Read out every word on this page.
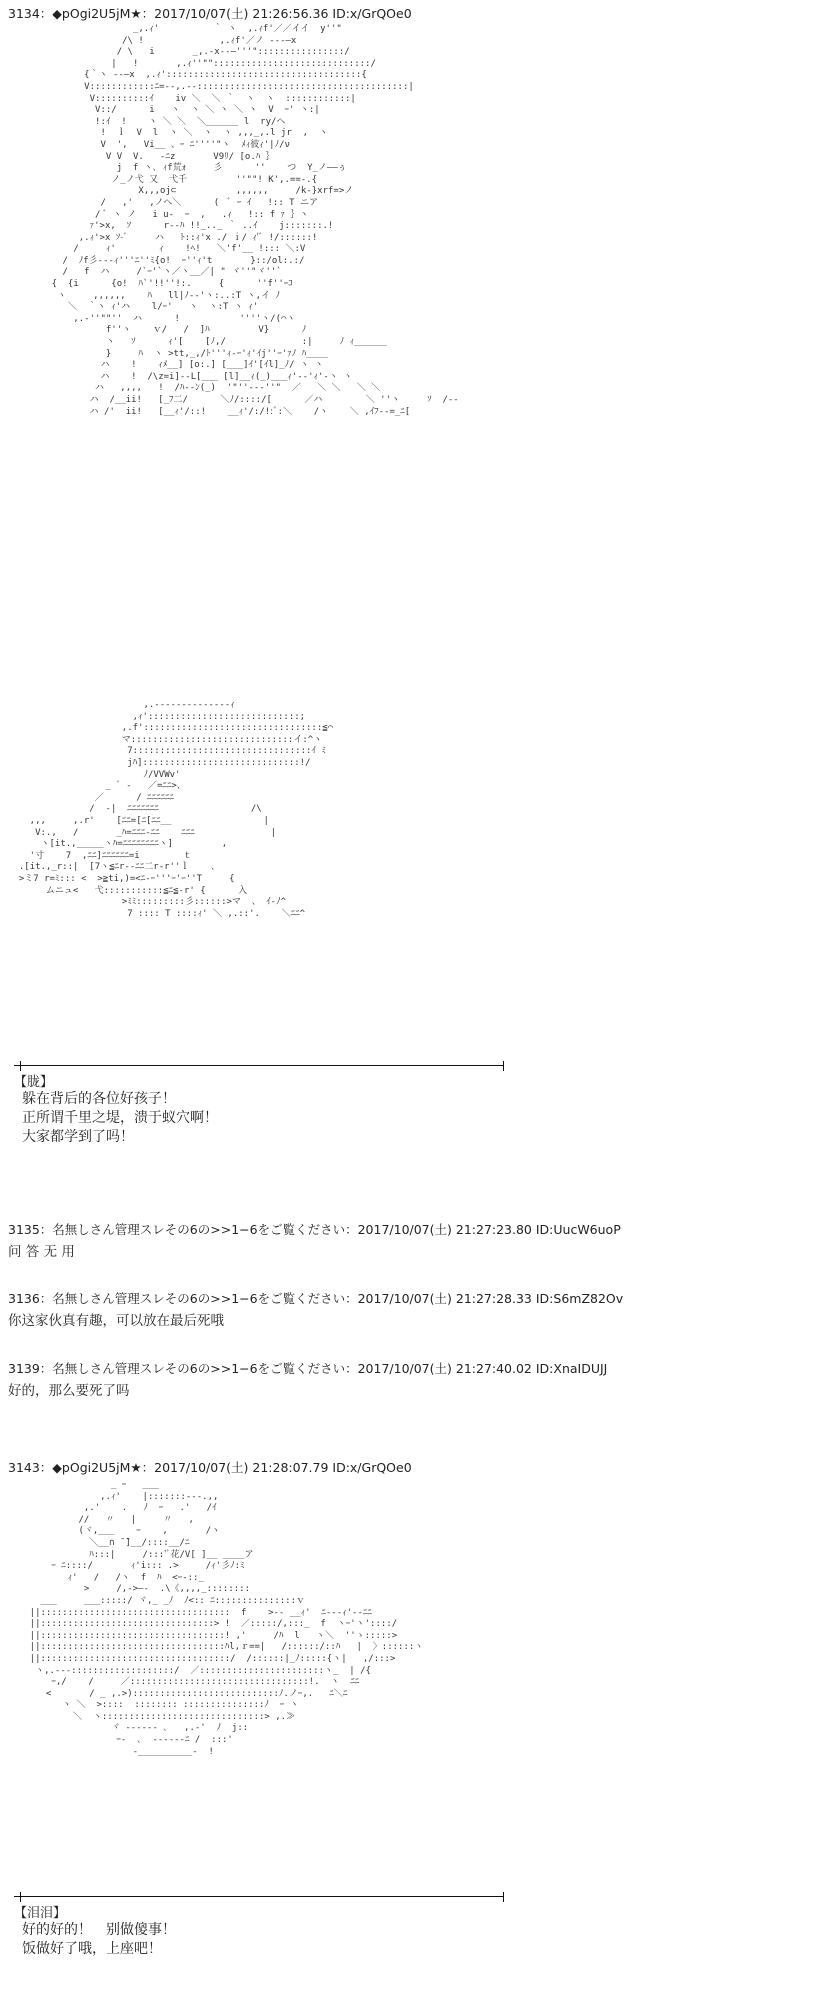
3134：◆pOgi2U5jM★：2017/10/07(土) 21:26:56.36 ID:x/GrQOe0
_,.ｨ'          ｀ ヽ  ,.ｨf'／／イイ  y''"
/\ !              ,.ｨf'／ノ ---―x
/ \   i       _,.-x--―'''"::::::::::::::::/
|   !       ,.ｨ''"":::::::::::::::::::::::::::::/
{｀ヽ --―x  ,.ｨ'::::::::::::::::::::::::::::::::::::{
V::::::::::::ﾆ=--,.-‐:::::::::::::::::::::::::::::::::::::::|
V::::::::::ｲ    iv ＼  ＼ ｀  ヽ  ヽ  ::::::::::::|
V::/      i   ヽ  ヽ ＼ ヽ ＼ ヽ  V  ｰ' ヽ:|
!:ｲ  !    ヽ ＼ ＼  ＼______ l  ry/ヘ
!  ｌ  V  l  ヽ ＼  ヽ  ヽ ,,,_,.l jr  ,  ヽ
V  ',   Vi__ 、ｰ ﾆ''''"ヽ  ﾒｨ彼ｨ'|ﾉ/ν
V V  V.   -ﾆz       V9ﾘ/ [o.ﾊ ｝
j  f ヽ､ ｨf荒ｫ     彡      ''    つ  Y_ノ――ぅ
ノ_ノ弋 又  弋千         ''""! K',.==-.{
X,,,oj⊂           ,,,,,,     /k-}xrf=>ノ
/   ,'   ,ノヘ＼      (  ﾞ ｰ ｲ   !:: T ニア
/ ﾞ ヽ ノ   i u-  ｰ  ,   .ｨ   !:: f ｧ ｝ヽ
ｧ'>x,  ｿ      r--ﾊ !!_.._ ｀ ..ｲ    j:::::::.!
,.ｨ'>x ｿ-ﾞ     ハ   ﾄ::ｨ'x ./ ｉ/ ｨ'ﾞ !/::::::!
/     ｨ'        ｨ    !ﾍ!   ＼'f'__ !::: ＼:V
/  ﾉf彡---ｨ'''ﾆ''ﾐ{o!  ｰ''ｨ't       }::/ol:.:/
/   f  ハ     /`ｰ'`ヽ／ヽ__／| " ヾ''"ヾ''`
{  {i      {o!  ﾊ`'!!''!:.     {      ''f''ｰｺ
ヽ     ,,,,,,    ﾊ   ll|ﾉ--'ヽ:..:T ヽ,イ ﾉ
＼  ｀ヽ ｨ'ハ    l/ｰ'   ヽ  ヽ:T ヽ ｨ'
,.-''""''  ハ      !           ''''ヽ/(⌒ヽ
f''ヽ    ｖ/   /  ]ﾊ         V}      ﾉ
ヽ   ｿ      ｨ'[    [ﾉ,/              :|     ﾉ ｨ______
}     ﾊ  ヽ >tt,_,/ﾄ'''ｨ-ｰ'ｨ'ｲj''ｰ'ｧﾉ ﾊ____
ハ    !    ｨﾒ__] [o:.] [___]ｲ'[ｲl]_ﾉ/ ヽ ヽ
ハ    !  /\z=i]--L[___ [l]__ｨ(_)___ｨ'--'ｨ'-ヽ ヽ
ハ   ,,,,   !  /ﾊ--ﾝ(_)  '"''---''"  ／   ＼ ＼   ＼ ＼
ハ  /__ii!   [_ﾌ二/      ＼ﾉ/::::/[      ／ハ        ＼ ''ヽ     ｿ  /--
ハ /'  ii!   [__ｨ'/::!    __ｨ'/:/!:ﾞ:＼    /ヽ    ＼ ,ｲﾌ--=_ﾆ[
,.--------------ｨ
,ｨ'::::::::::::::::::::::::::::;
,.f':::::::::::::::::::::::::::::::::≦⌒
マ::::::::::::::::::::::::::::::イ:^ヽ
7:::::::::::::::::::::::::::::::::ｲ ﾐ
jﾊ]:::::::::::::::::::::::::::::!/
ﾉ/VVWv'
_ ﾞ -   ／=ﾆﾆ>、
／      / ﾆﾆﾆﾆﾆﾆ
/  -|  ﾆﾆﾆﾆﾆﾆﾆ                 /\
,,,     ,.r'    [ﾆﾆ=[ﾆ[ﾆﾆ__                 |
V:.,   /       _ﾊ=ﾆﾆﾆ-ﾆﾆ    ﾆﾆﾆ              |
ヽ[it.,_____ヽﾊ=ﾆﾆﾆﾆﾆﾆﾆﾆヽ]         ,
'寸    7  ,ﾆﾆ]ﾆﾆﾆﾆﾆﾆ=i        ｔ
.[it.,_r::|  [7ヽ≦ﾆr--ﾆﾆ二r-r''ｌ    ､
>ミ7 r=ﾐ::: <  >≧ti,)=<ﾆ-ｰ'''ｰ'ｰ''T     {
ムニュ<   弋:::::::::::≦ﾆ≦-r' {      入
>ﾐﾐ:::::::::彡::::::>マ  、 ｲ-ﾉ^
7 :::: T ::::ｨ' ＼ ,.::'.    ＼ﾆﾆ^
【胧】
躲在背后的各位好孩子！
正所谓千里之堤，溃于蚁穴啊！
大家都学到了吗！
3135：名無しさん管理スレその6の>>1−6をご覧ください：2017/10/07(土) 21:27:23.80 ID:UucW6uoP
问 答 无 用
3136：名無しさん管理スレその6の>>1−6をご覧ください：2017/10/07(土) 21:27:28.33 ID:S6mZ82Ov
你这家伙真有趣，可以放在最后死哦
3139：名無しさん管理スレその6の>>1−6をご覧ください：2017/10/07(土) 21:27:40.02 ID:XnaIDUJJ
好的，那么要死了吗
3143：◆pOgi2U5jM★：2017/10/07(土) 21:28:07.79 ID:x/GrQOe0
_ ｰ   ___
,.ｨ'    |:::::::---.,,
,.'    .   ﾉ  ｰ   .'   /ｲ
//   〃   |     〃   ,
(ヾ,___    ｰ    ,       /ヽ
＼__∩ ̄ ̄]__/::::__/ﾆ
ﾊ:::|     /:::'ﾞ花/V[ ]__ ____ア
ｰ ﾆ::::/       ｨ'i::: .>     /ｨ'彡ﾉ:ﾐ
ｨ'   /   /ヽ  f  ﾊ  <ｰ-::_
>     /,->―-  .\《,,,,_::::::::
___     ___:::::/ ヾ,_ _ﾉ  ﾉ<:: ﾆ:::::::::::::::ｖ
||:::::::::::::::::::::::::::::::::::  f    >-- __ｨ'  ﾆ---ｨ'--ﾆﾆ
||::::::::::::::::::::::::::::::::> !  ／:::::/,:::_  f  ヽｰ'ヽ'::::/
||::::::::::::::::::::::::::::::::::! ,'     /ﾊ  l   ヽ＼  ''ゝ:::::>
||::::::::::::::::::::::::::::::::::ﾊl,ｒ==|   /::::::/::ﾊ   |  〉::::::ヽ
||:::::::::::::::::::::::::::::::::::/  /::::::|_ﾉ:::::{ヽ|   ,/:::>
ヽ,.---:::::::::::::::::::/  ／:::::::::::::::::::::::ヽ_  | /{
ｰ,/    /     ／:::::::::::::::::::::::::::::::::!.  ヽ  ﾆﾆ
<       / _ ,.>):::::::::::::::::::::::::::ﾉ.ノｰ,.   ﾆ＼ﾆ
ヽ ＼  >::::  :::::::: :::::::::::::::ﾉ  ｰ ヽ
＼  ヽ::::::::::::::::::::::::::::::> ,.≫
ヾ ------ ､   ,.-'  ﾉ  j::
ｰ-  ､  ------ﾆ /  :::'
-__________-  !
【泪泪】
好的好的！　别做傻事！
饭做好了哦，上座吧！
